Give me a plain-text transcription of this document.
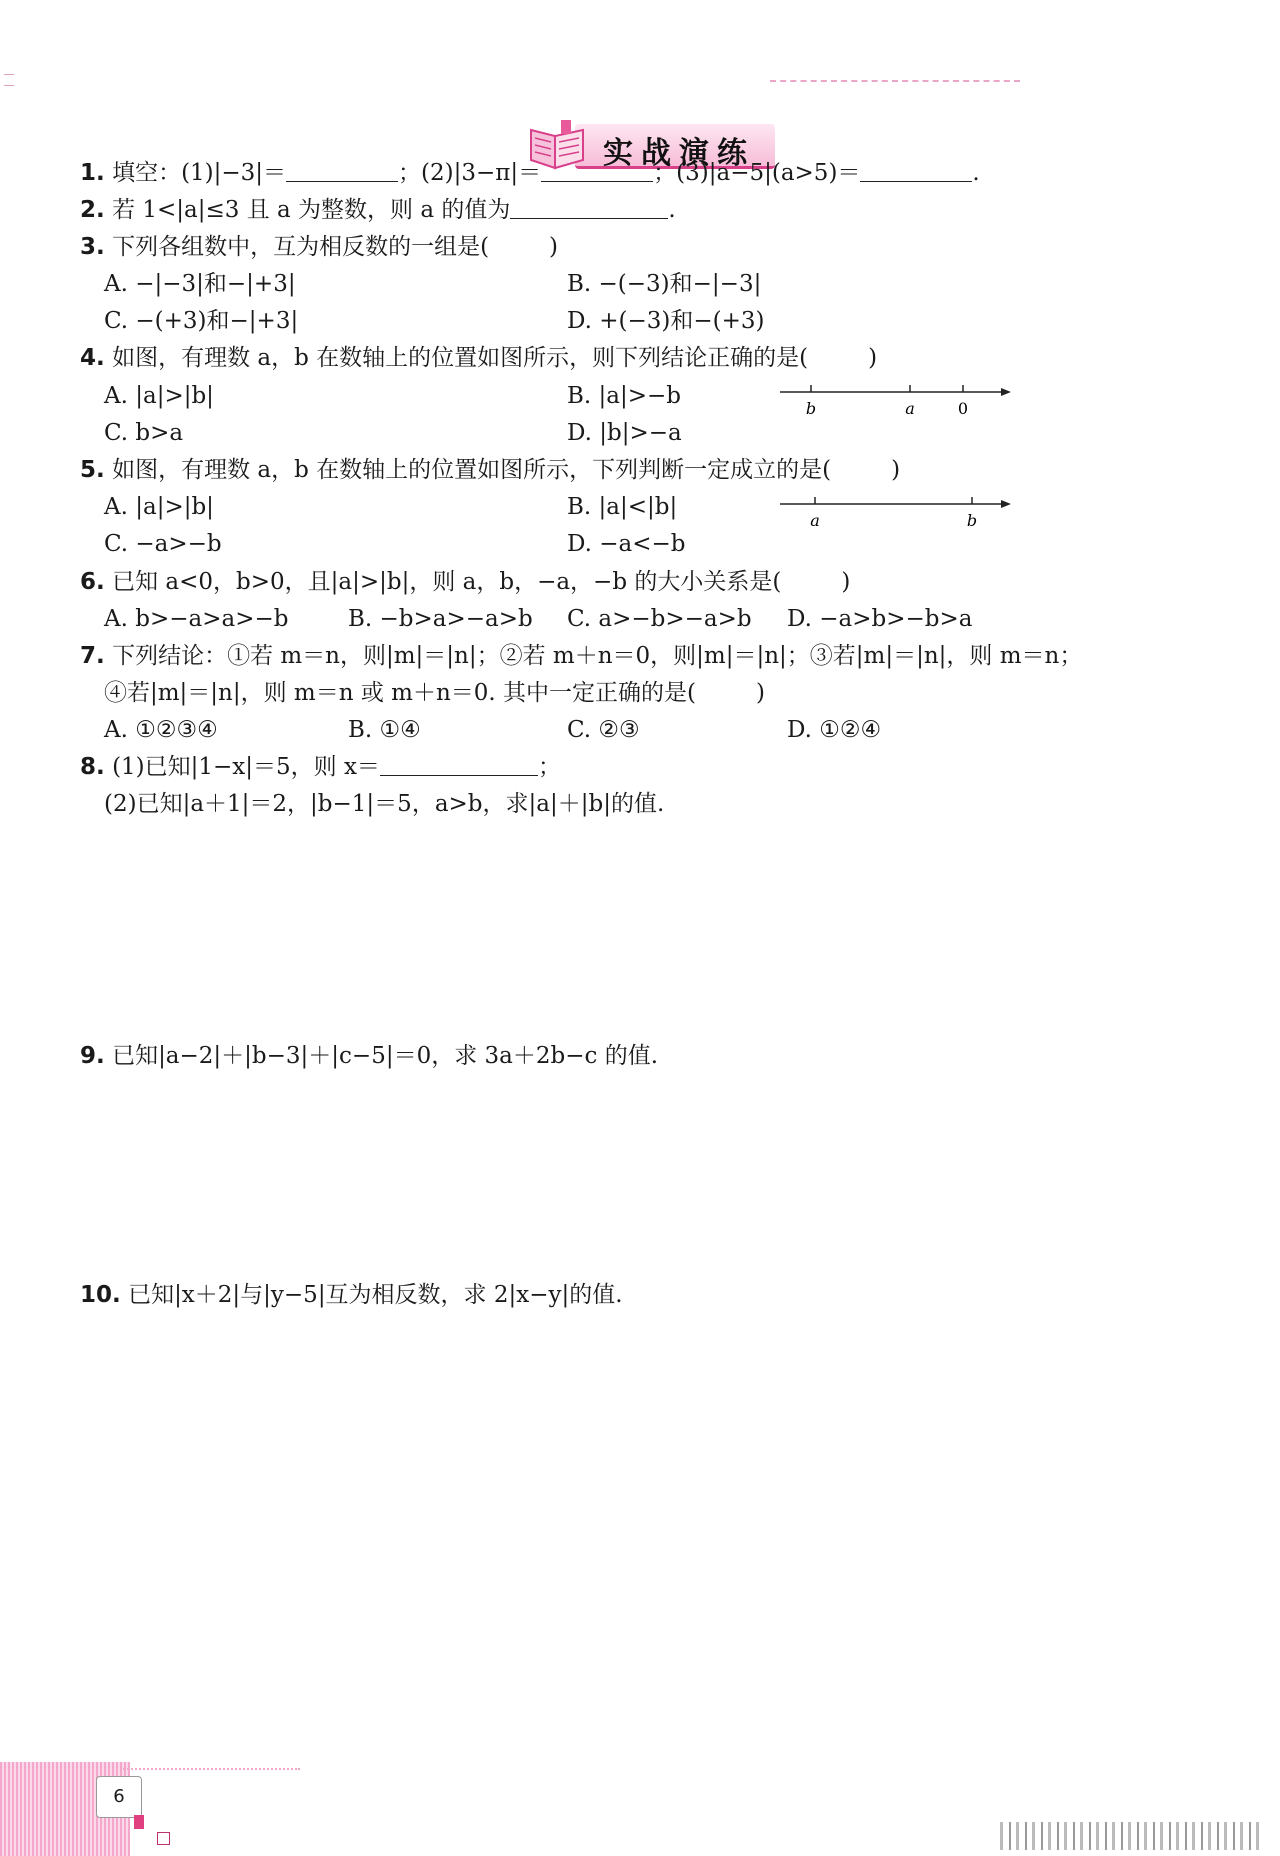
实战演练
1. 填空：(1)|−3|＝	；(2)|3−π|＝	；(3)|a−5|(a>5)＝	.
2. 若 1<|a|≤3 且 a 为整数，则 a 的值为	.
3. 下列各组数中，互为相反数的一组是(	)
A. −|−3|和−|+3|	B. −(−3)和−|−3|
C. −(+3)和−|+3|	D. +(−3)和−(+3)
4. 如图，有理数 a，b 在数轴上的位置如图所示，则下列结论正确的是(	)
A. |a|>|b|	B. |a|>−b
C. b>a	D. |b|>−a
b	a	0
5. 如图，有理数 a，b 在数轴上的位置如图所示，下列判断一定成立的是(	)
A. |a|>|b|	B. |a|<|b|
C. −a>−b	D. −a<−b
a	b
6. 已知 a<0，b>0，且|a|>|b|，则 a，b，−a，−b 的大小关系是(	)
A. b>−a>a>−b	B. −b>a>−a>b C. a>−b>−a>b D. −a>b>−b>a
7. 下列结论：①若 m＝n，则|m|＝|n|；②若 m＋n＝0，则|m|＝|n|；③若|m|＝|n|，则 m＝n；
④若|m|＝|n|，则 m＝n 或 m＋n＝0. 其中一定正确的是(	)
A. ①②③④	B. ①④	C. ②③	D. ①②④
8. (1)已知|1−x|＝5，则 x＝	；
(2)已知|a＋1|＝2，|b−1|＝5，a>b，求|a|＋|b|的值.
9. 已知|a−2|＋|b−3|＋|c−5|＝0，求 3a＋2b−c 的值.
10. 已知|x＋2|与|y−5|互为相反数，求 2|x−y|的值.
6
